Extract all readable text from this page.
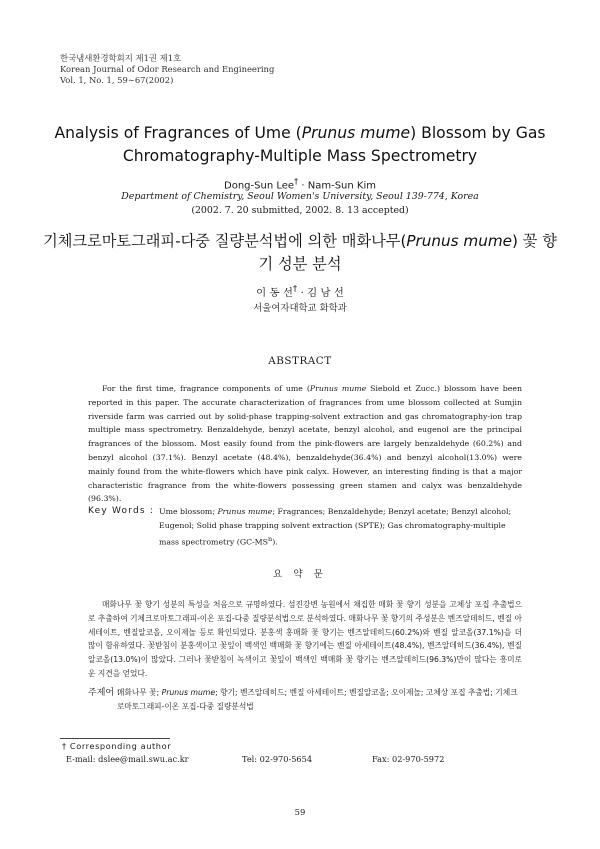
한국냄새환경학회지 제1권 제1호
Korean Journal of Odor Research and Engineering
Vol. 1, No. 1, 59∼67(2002)
Analysis of Fragrances of Ume (Prunus mume) Blossom by Gas Chromatography-Multiple Mass Spectrometry
Dong-Sun Lee† · Nam-Sun Kim
Department of Chemistry, Seoul Women's University, Seoul 139-774, Korea
(2002. 7. 20 submitted, 2002. 8. 13 accepted)
기체크로마토그래피-다중 질량분석법에 의한 매화나무(Prunus mume) 꽃 향기 성분 분석
이 동 선† · 김 남 선
서울여자대학교 화학과
ABSTRACT

For the first time, fragrance components of ume (Prunus mume Siebold et Zucc.) blossom have been reported in this paper. The accurate characterization of fragrances from ume blossom collected at Sumjin riverside farm was carried out by solid-phase trapping-solvent extraction and gas chromatography-ion trap multiple mass spectrometry. Benzaldehyde, benzyl acetate, benzyl alcohol, and eugenol are the principal fragrances of the blossom. Most easily found from the pink-flowers are largely benzaldehyde (60.2%) and benzyl alcohol (37.1%). Benzyl acetate (48.4%), benzaldehyde(36.4%) and benzyl alcohol(13.0%) were mainly found from the white-flowers which have pink calyx. However, an interesting finding is that a major characteristic fragrance from the white-flowers possessing green stamen and calyx was benzaldehyde (96.3%).

Key Words : Ume blossom; Prunus mume; Fragrances; Benzaldehyde; Benzyl acetate; Benzyl alcohol; Eugenol; Solid phase trapping solvent extraction (SPTE); Gas chromatography-multiple mass spectrometry $(GC-MS^n)$.
요 약 문

매화나무 꽃 향기 성분의 특성을 처음으로 규명하였다. 섬진강변 농원에서 채집한 매화 꽃 향기 성분을 고체상 포집 추출법으로 추출하여 기체크로마토그래피-이온 포집-다중 질량분석법으로 분석하였다. 매화나무 꽃 향기의 주성분은 벤즈알데히드, 벤질 아세테이트, 벤질알코올, 오이제놀 등로 확인되었다. 분홍색 홍매화 꽃 향기는 벤즈알데히드(60.2%)와 벤질 알코올(37.1%)을 더 많이 함유하였다. 꽃받침이 분홍색이고 꽃잎이 백색인 백매화 꽃 향기에는 벤질 아세테이트(48.4%), 벤즈알데히드(36.4%), 벤질 알코올(13.0%)이 많았다. 그러나 꽃받침이 녹색이고 꽃잎이 백색인 백매화 꽃 향기는 벤즈알데히드(96.3%)만이 많다는 흥미로운 지견을 얻었다.

주제어 :
매화나무 꽃; Prunus mume; 향기; 벤즈알데히드; 벤질 아세테이트; 벤질알코올; 오이제놀; 고체상 포집 추출법; 기체크로마토그래피-이온 포집-다중 질량분석법
† Corresponding author
E-mail: dslee@mail.swu.ac.kr	Tel: 02-970-5654	Fax: 02-970-5972
59
